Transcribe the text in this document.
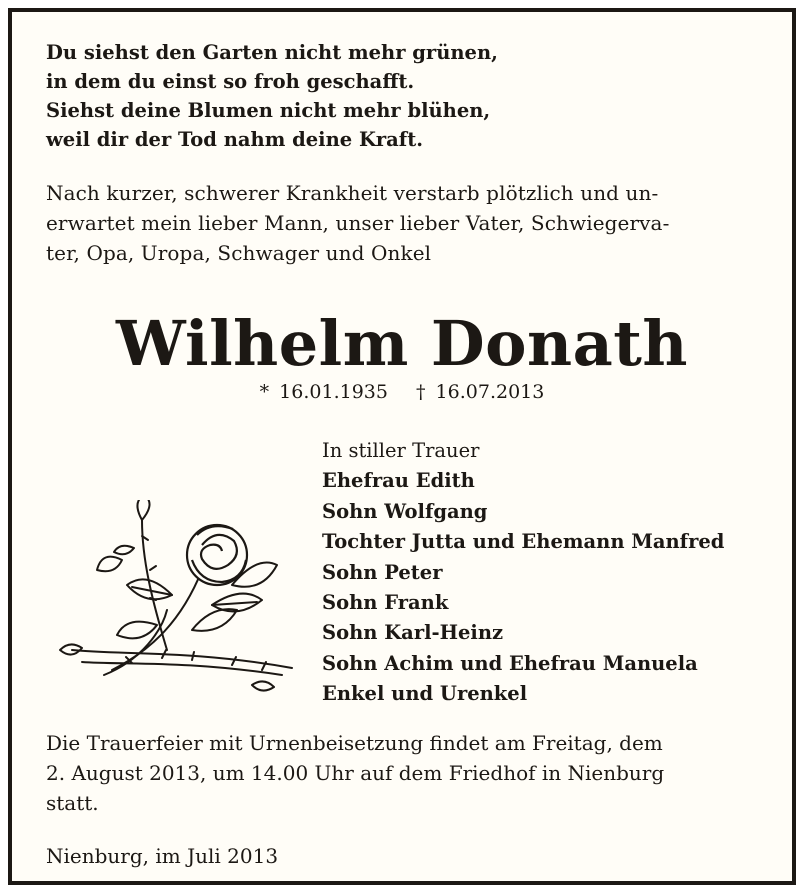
Du siehst den Garten nicht mehr grünen,
in dem du einst so froh geschafft.
Siehst deine Blumen nicht mehr blühen,
weil dir der Tod nahm deine Kraft.
Nach kurzer, schwerer Krankheit verstarb plötzlich und un-
erwartet mein lieber Mann, unser lieber Vater, Schwiegerva-
ter, Opa, Uropa, Schwager und Onkel
Wilhelm Donath
* 16.01.1935 † 16.07.2013
In stiller Trauer
Ehefrau Edith
Sohn Wolfgang
Tochter Jutta und Ehemann Manfred
Sohn Peter
Sohn Frank
Sohn Karl-Heinz
Sohn Achim und Ehefrau Manuela
Enkel und Urenkel
Die Trauerfeier mit Urnenbeisetzung findet am Freitag, dem
2. August 2013, um 14.00 Uhr auf dem Friedhof in Nienburg
statt.
Nienburg, im Juli 2013
